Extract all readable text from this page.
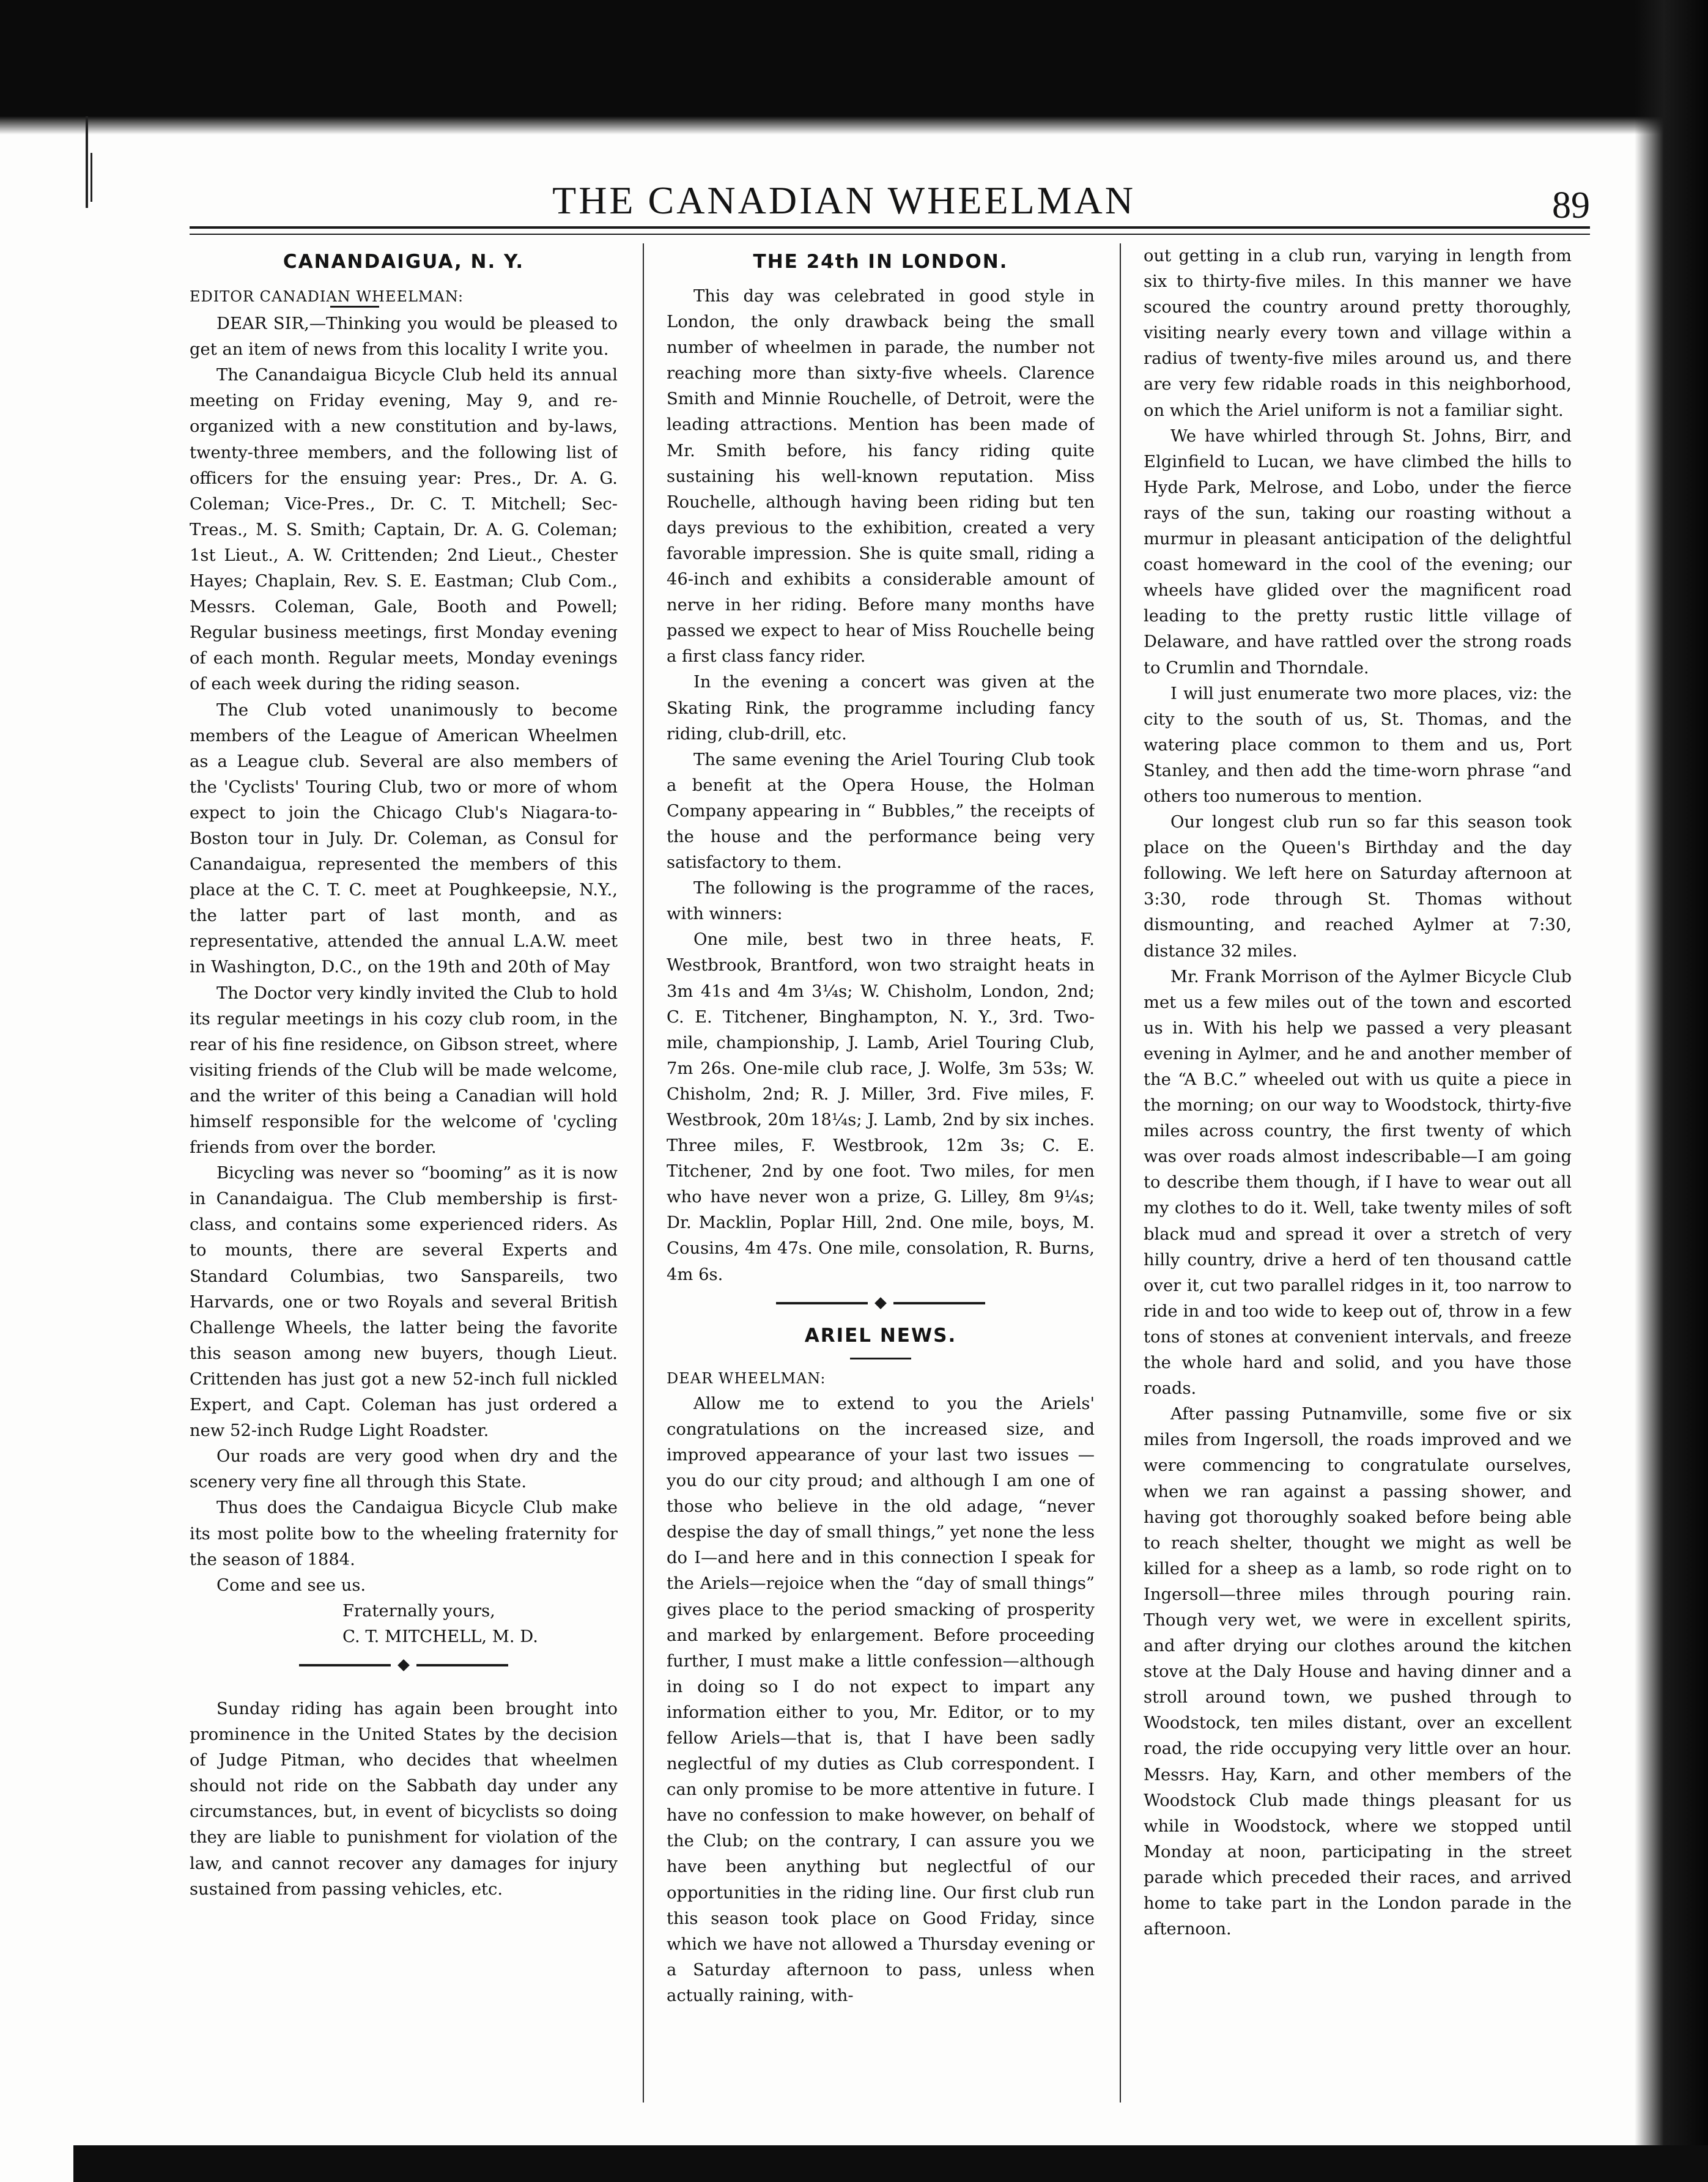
THE CANADIAN WHEELMAN	89
CANANDAIGUA, N. Y.
EDITOR CANADIAN WHEELMAN:

DEAR SIR,—Thinking you would be pleased to get an item of news from this locality I write you.

The Canandaigua Bicycle Club held its annual meeting on Friday evening, May 9, and re-organized with a new constitution and by-laws, twenty-three members, and the following list of officers for the ensuing year: Pres., Dr. A. G. Coleman; Vice-Pres., Dr. C. T. Mitchell; Sec-Treas., M. S. Smith; Captain, Dr. A. G. Coleman; 1st Lieut., A. W. Crittenden; 2nd Lieut., Chester Hayes; Chaplain, Rev. S. E. Eastman; Club Com., Messrs. Coleman, Gale, Booth and Powell; Regular business meetings, first Monday evening of each month. Regular meets, Monday evenings of each week during the riding season.

The Club voted unanimously to become members of the League of American Wheelmen as a League club. Several are also members of the 'Cyclists' Touring Club, two or more of whom expect to join the Chicago Club's Niagara-to-Boston tour in July. Dr. Coleman, as Consul for Canandaigua, represented the members of this place at the C. T. C. meet at Poughkeepsie, N.Y., the latter part of last month, and as representative, attended the annual L.A.W. meet in Washington, D.C., on the 19th and 20th of May

The Doctor very kindly invited the Club to hold its regular meetings in his cozy club room, in the rear of his fine residence, on Gibson street, where visiting friends of the Club will be made welcome, and the writer of this being a Canadian will hold himself responsible for the welcome of 'cycling friends from over the border.

Bicycling was never so “booming” as it is now in Canandaigua. The Club membership is first-class, and contains some experienced riders. As to mounts, there are several Experts and Standard Columbias, two Sanspareils, two Harvards, one or two Royals and several British Challenge Wheels, the latter being the favorite this season among new buyers, though Lieut. Crittenden has just got a new 52-inch full nickled Expert, and Capt. Coleman has just ordered a new 52-inch Rudge Light Roadster.

Our roads are very good when dry and the scenery very fine all through this State.

Thus does the Candaigua Bicycle Club make its most polite bow to the wheeling fraternity for the season of 1884.

Come and see us.

Fraternally yours,

C. T. MITCHELL, M. D.

Sunday riding has again been brought into prominence in the United States by the decision of Judge Pitman, who decides that wheelmen should not ride on the Sabbath day under any circumstances, but, in event of bicyclists so doing they are liable to punishment for violation of the law, and cannot recover any damages for injury sustained from passing vehicles, etc.

THE 24th IN LONDON.

This day was celebrated in good style in London, the only drawback being the small number of wheelmen in parade, the number not reaching more than sixty-five wheels. Clarence Smith and Minnie Rouchelle, of Detroit, were the leading attractions. Mention has been made of Mr. Smith before, his fancy riding quite sustaining his well-known reputation. Miss Rouchelle, although having been riding but ten days previous to the exhibition, created a very favorable impression. She is quite small, riding a 46-inch and exhibits a considerable amount of nerve in her riding. Before many months have passed we expect to hear of Miss Rouchelle being a first class fancy rider.

In the evening a concert was given at the Skating Rink, the programme including fancy riding, club-drill, etc.

The same evening the Ariel Touring Club took a benefit at the Opera House, the Holman Company appearing in “ Bubbles,” the receipts of the house and the performance being very satisfactory to them.

The following is the programme of the races, with winners:

One mile, best two in three heats, F. Westbrook, Brantford, won two straight heats in 3m 41s and 4m 3¼s; W. Chisholm, London, 2nd; C. E. Titchener, Binghampton, N. Y., 3rd. Two-mile, championship, J. Lamb, Ariel Touring Club, 7m 26s. One-mile club race, J. Wolfe, 3m 53s; W. Chisholm, 2nd; R. J. Miller, 3rd. Five miles, F. Westbrook, 20m 18¼s; J. Lamb, 2nd by six inches. Three miles, F. Westbrook, 12m 3s; C. E. Titchener, 2nd by one foot. Two miles, for men who have never won a prize, G. Lilley, 8m 9¼s; Dr. Macklin, Poplar Hill, 2nd. One mile, boys, M. Cousins, 4m 47s. One mile, consolation, R. Burns, 4m 6s.

ARIEL NEWS.
DEAR WHEELMAN:

Allow me to extend to you the Ariels' congratulations on the increased size, and improved appearance of your last two issues —you do our city proud; and although I am one of those who believe in the old adage, “never despise the day of small things,” yet none the less do I—and here and in this connection I speak for the Ariels—rejoice when the “day of small things” gives place to the period smacking of prosperity and marked by enlargement. Before proceeding further, I must make a little confession—although in doing so I do not expect to impart any information either to you, Mr. Editor, or to my fellow Ariels—that is, that I have been sadly neglectful of my duties as Club correspondent. I can only promise to be more attentive in future. I have no confession to make however, on behalf of the Club; on the contrary, I can assure you we have been anything but neglectful of our opportunities in the riding line. Our first club run this season took place on Good Friday, since which we have not allowed a Thursday evening or a Saturday afternoon to pass, unless when actually raining, with-

out getting in a club run, varying in length from six to thirty-five miles. In this manner we have scoured the country around pretty thoroughly, visiting nearly every town and village within a radius of twenty-five miles around us, and there are very few ridable roads in this neighborhood, on which the Ariel uniform is not a familiar sight.

We have whirled through St. Johns, Birr, and Elginfield to Lucan, we have climbed the hills to Hyde Park, Melrose, and Lobo, under the fierce rays of the sun, taking our roasting without a murmur in pleasant anticipation of the delightful coast homeward in the cool of the evening; our wheels have glided over the magnificent road leading to the pretty rustic little village of Delaware, and have rattled over the strong roads to Crumlin and Thorndale.

I will just enumerate two more places, viz: the city to the south of us, St. Thomas, and the watering place common to them and us, Port Stanley, and then add the time-worn phrase “and others too numerous to mention.

Our longest club run so far this season took place on the Queen's Birthday and the day following. We left here on Saturday afternoon at 3:30, rode through St. Thomas without dismounting, and reached Aylmer at 7:30, distance 32 miles.

Mr. Frank Morrison of the Aylmer Bicycle Club met us a few miles out of the town and escorted us in. With his help we passed a very pleasant evening in Aylmer, and he and another member of the “A B.C.” wheeled out with us quite a piece in the morning; on our way to Woodstock, thirty-five miles across country, the first twenty of which was over roads almost indescribable—I am going to describe them though, if I have to wear out all my clothes to do it. Well, take twenty miles of soft black mud and spread it over a stretch of very hilly country, drive a herd of ten thousand cattle over it, cut two parallel ridges in it, too narrow to ride in and too wide to keep out of, throw in a few tons of stones at convenient intervals, and freeze the whole hard and solid, and you have those roads.

After passing Putnamville, some five or six miles from Ingersoll, the roads improved and we were commencing to congratulate ourselves, when we ran against a passing shower, and having got thoroughly soaked before being able to reach shelter, thought we might as well be killed for a sheep as a lamb, so rode right on to Ingersoll—three miles through pouring rain. Though very wet, we were in excellent spirits, and after drying our clothes around the kitchen stove at the Daly House and having dinner and a stroll around town, we pushed through to Woodstock, ten miles distant, over an excellent road, the ride occupying very little over an hour. Messrs. Hay, Karn, and other members of the Woodstock Club made things pleasant for us while in Woodstock, where we stopped until Monday at noon, participating in the street parade which preceded their races, and arrived home to take part in the London parade in the afternoon.
